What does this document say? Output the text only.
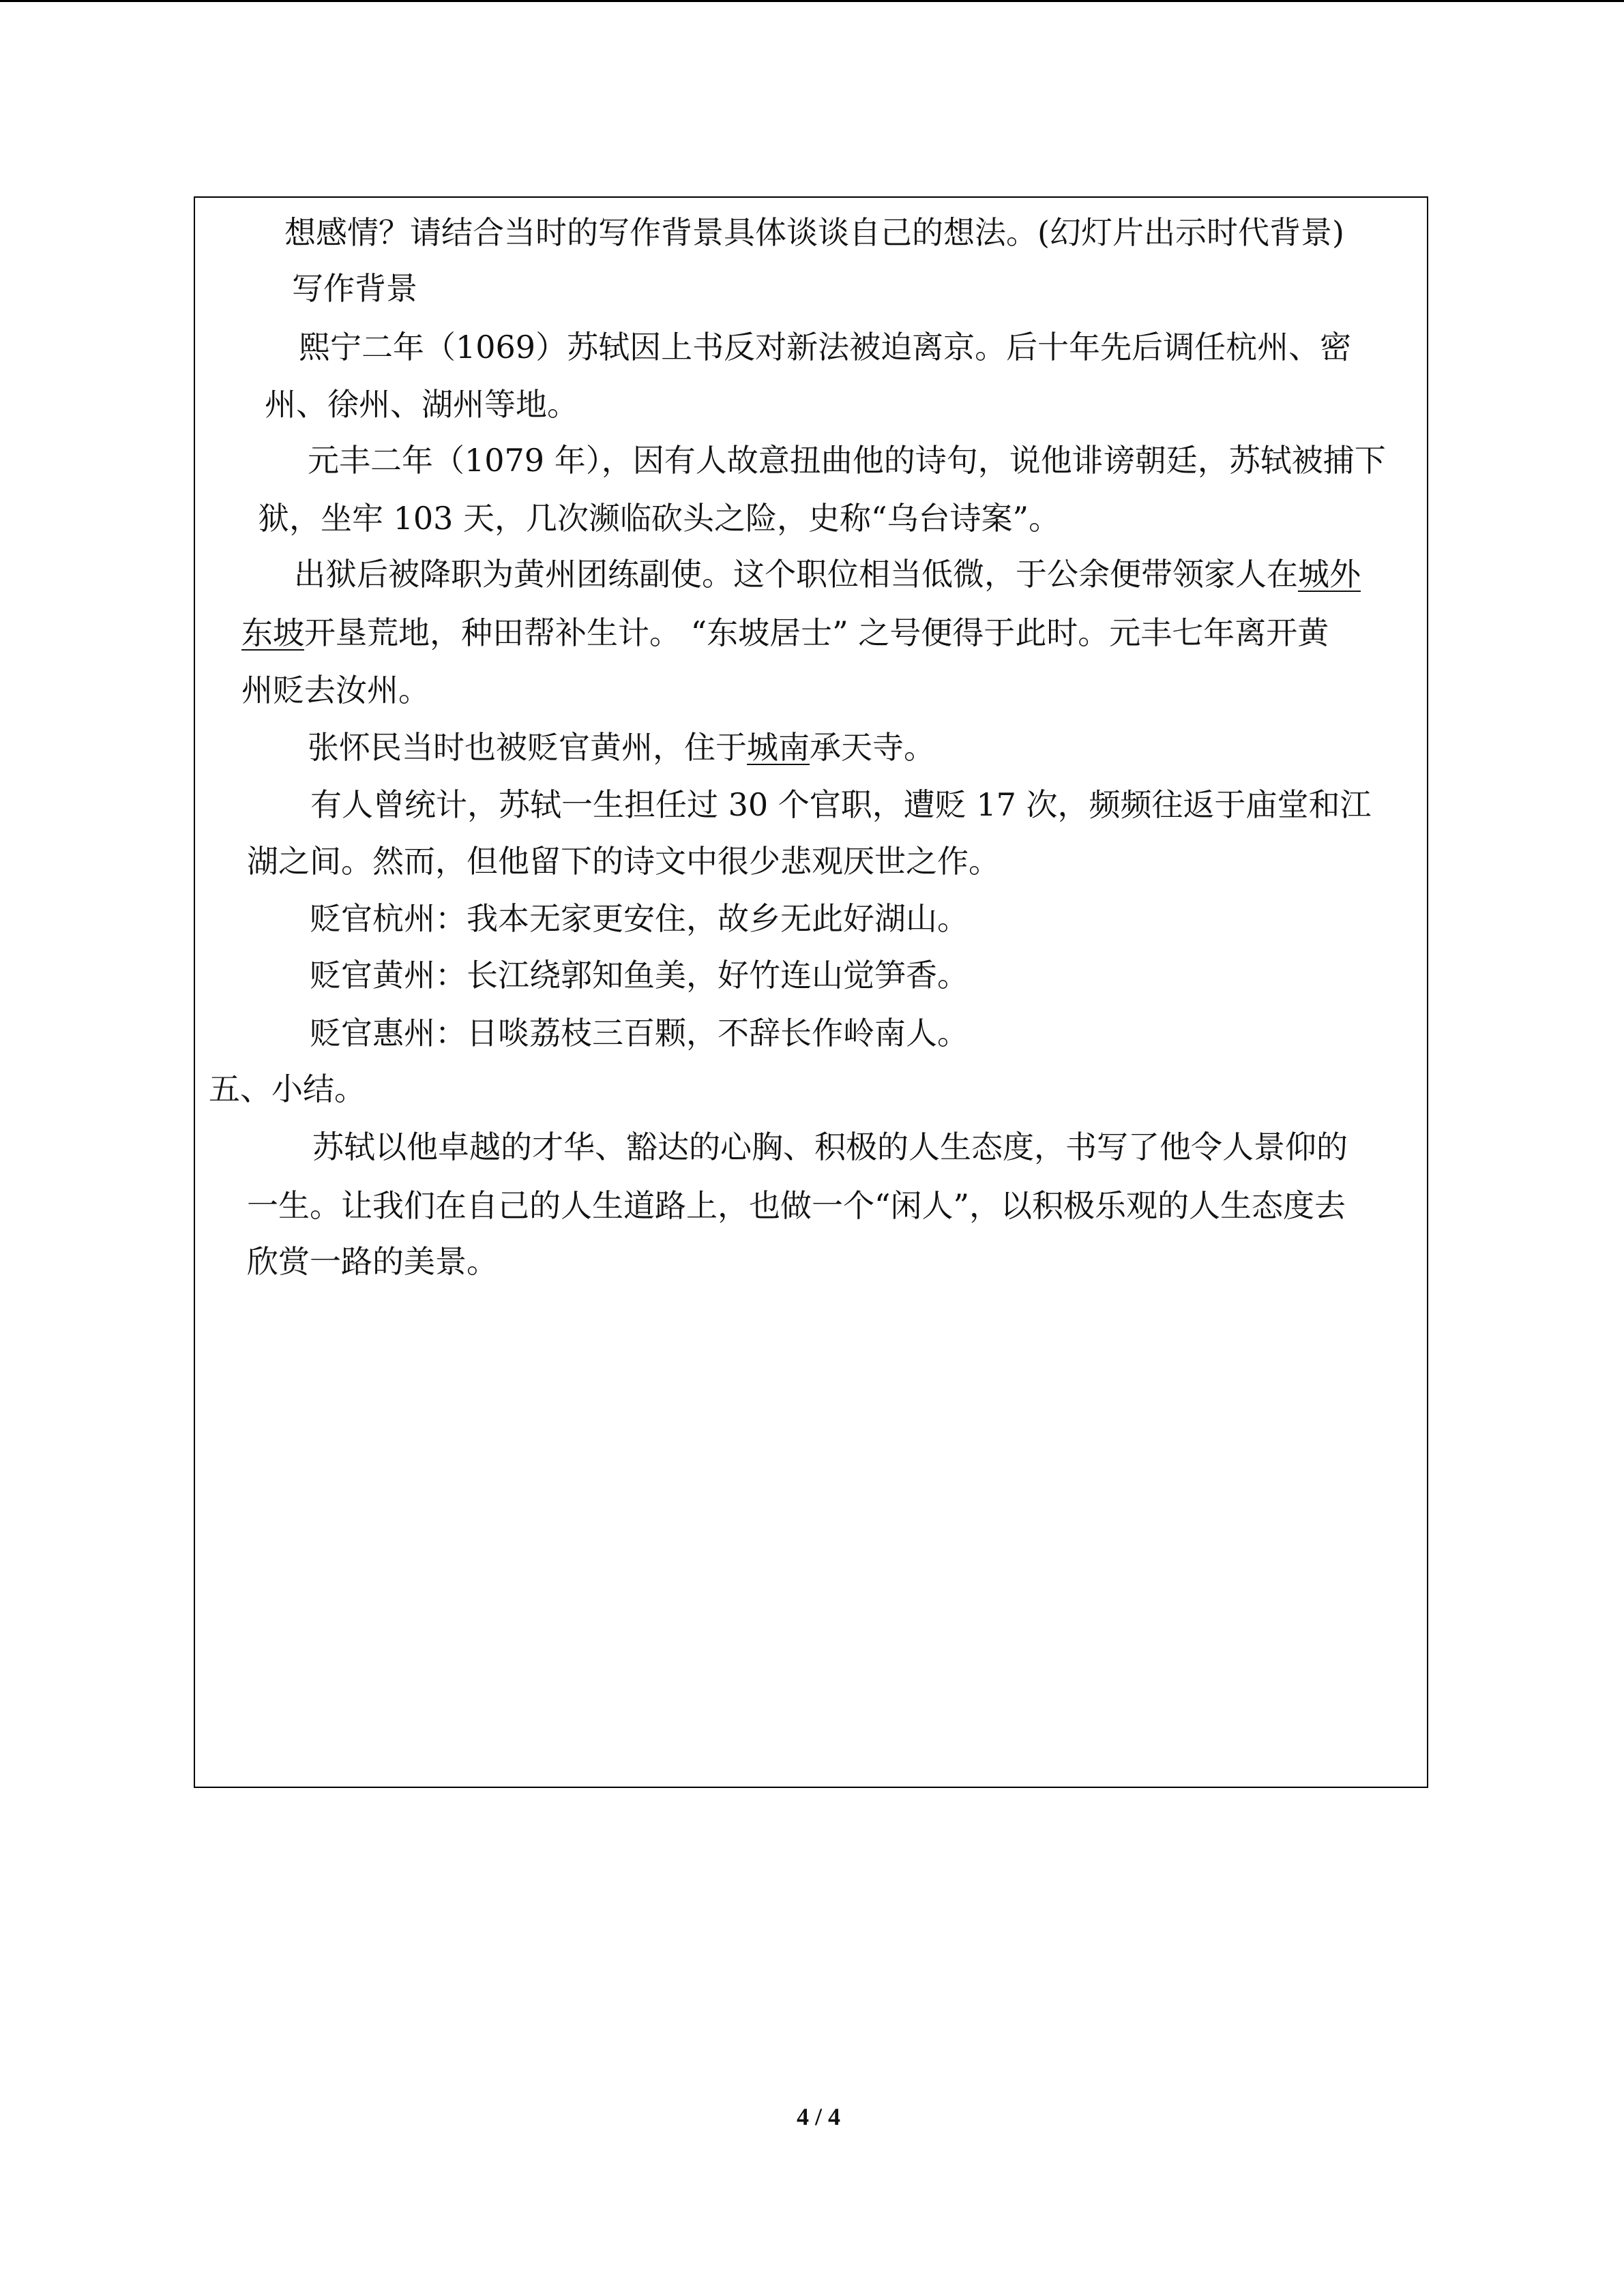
想感情？请结合当时的写作背景具体谈谈自己的想法。(幻灯片出示时代背景)
写作背景
熙宁二年（1069）苏轼因上书反对新法被迫离京。后十年先后调任杭州、密
州、徐州、湖州等地。
元丰二年（1079 年），因有人故意扭曲他的诗句，说他诽谤朝廷，苏轼被捕下
狱，坐牢 103 天，几次濒临砍头之险，史称“乌台诗案”。
出狱后被降职为黄州团练副使。这个职位相当低微，于公余便带领家人在城外
东坡开垦荒地，种田帮补生计。 “东坡居士” 之号便得于此时。元丰七年离开黄
州贬去汝州。
张怀民当时也被贬官黄州，住于城南承天寺。
有人曾统计，苏轼一生担任过 30 个官职，遭贬 17 次，频频往返于庙堂和江
湖之间。然而，但他留下的诗文中很少悲观厌世之作。
贬官杭州：我本无家更安住，故乡无此好湖山。
贬官黄州：长江绕郭知鱼美，好竹连山觉笋香。
贬官惠州：日啖荔枝三百颗，不辞长作岭南人。
五、小结。
苏轼以他卓越的才华、豁达的心胸、积极的人生态度，书写了他令人景仰的
一生。让我们在自己的人生道路上，也做一个“闲人”，以积极乐观的人生态度去
欣赏一路的美景。
4 / 4
